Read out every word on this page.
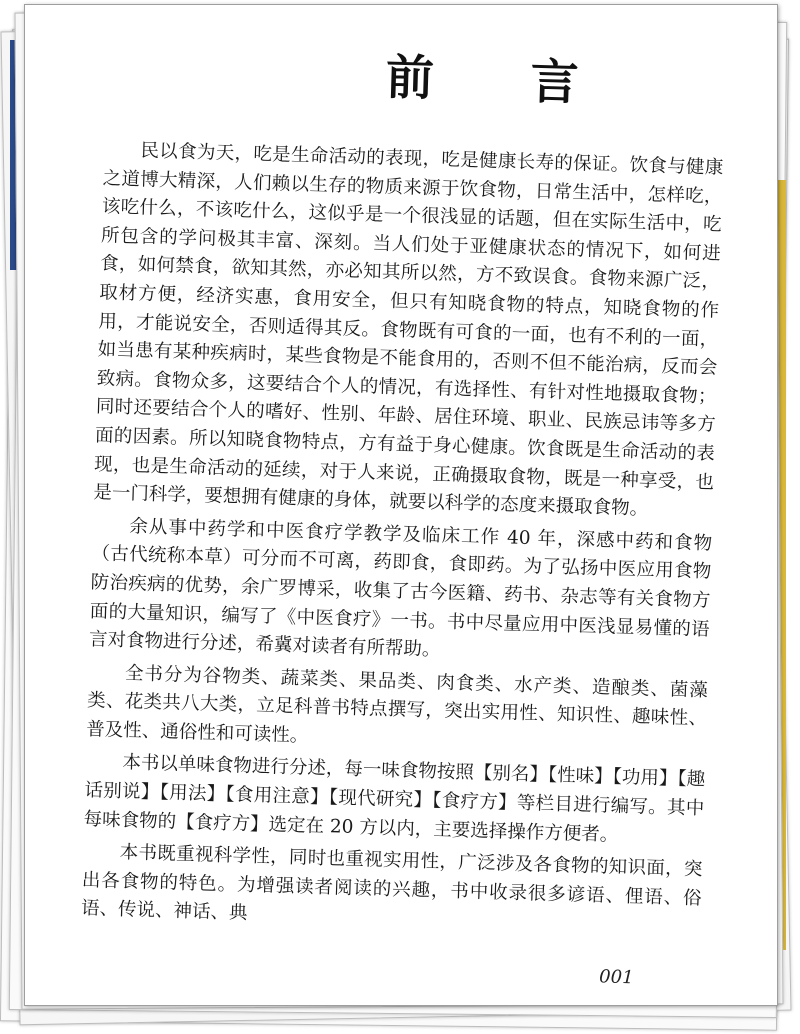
前 言

民以食为天，吃是生命活动的表现，吃是健康长寿的保证。饮食与健康之道博大精深，人们赖以生存的物质来源于饮食物，日常生活中，怎样吃，该吃什么，不该吃什么，这似乎是一个很浅显的话题，但在实际生活中，吃所包含的学问极其丰富、深刻。当人们处于亚健康状态的情况下，如何进食，如何禁食，欲知其然，亦必知其所以然，方不致误食。食物来源广泛，取材方便，经济实惠，食用安全，但只有知晓食物的特点，知晓食物的作用，才能说安全，否则适得其反。食物既有可食的一面，也有不利的一面，如当患有某种疾病时，某些食物是不能食用的，否则不但不能治病，反而会致病。食物众多，这要结合个人的情况，有选择性、有针对性地摄取食物；同时还要结合个人的嗜好、性别、年龄、居住环境、职业、民族忌讳等多方面的因素。所以知晓食物特点，方有益于身心健康。饮食既是生命活动的表现，也是生命活动的延续，对于人来说，正确摄取食物，既是一种享受，也是一门科学，要想拥有健康的身体，就要以科学的态度来摄取食物。

余从事中药学和中医食疗学教学及临床工作 40 年，深感中药和食物（古代统称本草）可分而不可离，药即食，食即药。为了弘扬中医应用食物防治疾病的优势，余广罗博采，收集了古今医籍、药书、杂志等有关食物方面的大量知识，编写了《中医食疗》一书。书中尽量应用中医浅显易懂的语言对食物进行分述，希冀对读者有所帮助。

全书分为谷物类、蔬菜类、果品类、肉食类、水产类、造酿类、菌藻类、花类共八大类，立足科普书特点撰写，突出实用性、知识性、趣味性、普及性、通俗性和可读性。

本书以单味食物进行分述，每一味食物按照【别名】【性味】【功用】【趣话别说】【用法】【食用注意】【现代研究】【食疗方】等栏目进行编写。其中每味食物的【食疗方】选定在 20 方以内，主要选择操作方便者。

本书既重视科学性，同时也重视实用性，广泛涉及各食物的知识面，突出各食物的特色。为增强读者阅读的兴趣，书中收录很多谚语、俚语、俗语、传说、神话、典

001
